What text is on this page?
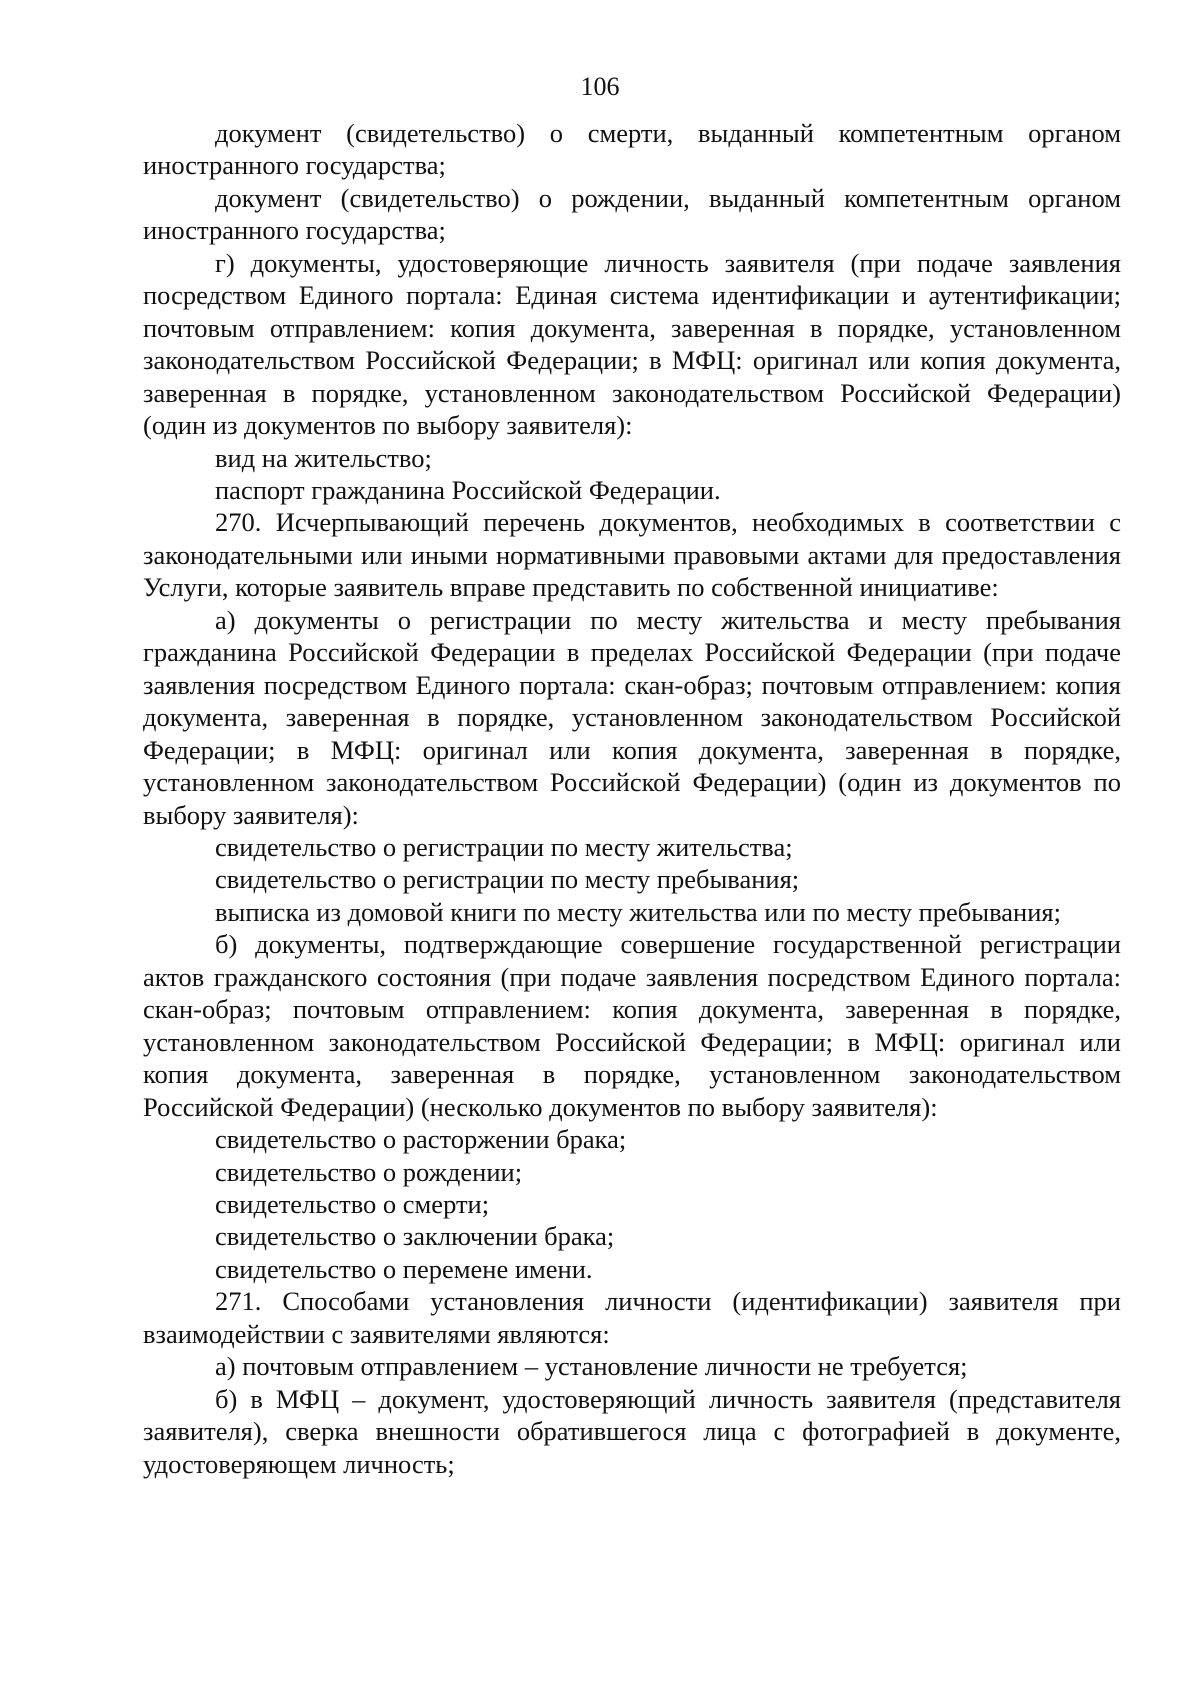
106

документ (свидетельство) о смерти, выданный компетентным органом иностранного государства;

документ (свидетельство) о рождении, выданный компетентным органом иностранного государства;

г) документы, удостоверяющие личность заявителя (при подаче заявления посредством Единого портала: Единая система идентификации и аутентификации; почтовым отправлением: копия документа, заверенная в порядке, установленном законодательством Российской Федерации; в МФЦ: оригинал или копия документа, заверенная в порядке, установленном законодательством Российской Федерации) (один из документов по выбору заявителя):

вид на жительство;

паспорт гражданина Российской Федерации.

270. Исчерпывающий перечень документов, необходимых в соответствии с законодательными или иными нормативными правовыми актами для предоставления Услуги, которые заявитель вправе представить по собственной инициативе:

а) документы о регистрации по месту жительства и месту пребывания гражданина Российской Федерации в пределах Российской Федерации (при подаче заявления посредством Единого портала: скан-образ; почтовым отправлением: копия документа, заверенная в порядке, установленном законодательством Российской Федерации; в МФЦ: оригинал или копия документа, заверенная в порядке, установленном законодательством Российской Федерации) (один из документов по выбору заявителя):

свидетельство о регистрации по месту жительства;

свидетельство о регистрации по месту пребывания;

выписка из домовой книги по месту жительства или по месту пребывания;

б) документы, подтверждающие совершение государственной регистрации актов гражданского состояния (при подаче заявления посредством Единого портала: скан-образ; почтовым отправлением: копия документа, заверенная в порядке, установленном законодательством Российской Федерации; в МФЦ: оригинал или копия документа, заверенная в порядке, установленном законодательством Российской Федерации) (несколько документов по выбору заявителя):

свидетельство о расторжении брака;

свидетельство о рождении;

свидетельство о смерти;

свидетельство о заключении брака;

свидетельство о перемене имени.

271. Способами установления личности (идентификации) заявителя при взаимодействии с заявителями являются:

а) почтовым отправлением – установление личности не требуется;

б) в МФЦ – документ, удостоверяющий личность заявителя (представителя заявителя), сверка внешности обратившегося лица с фотографией в документе, удостоверяющем личность;
